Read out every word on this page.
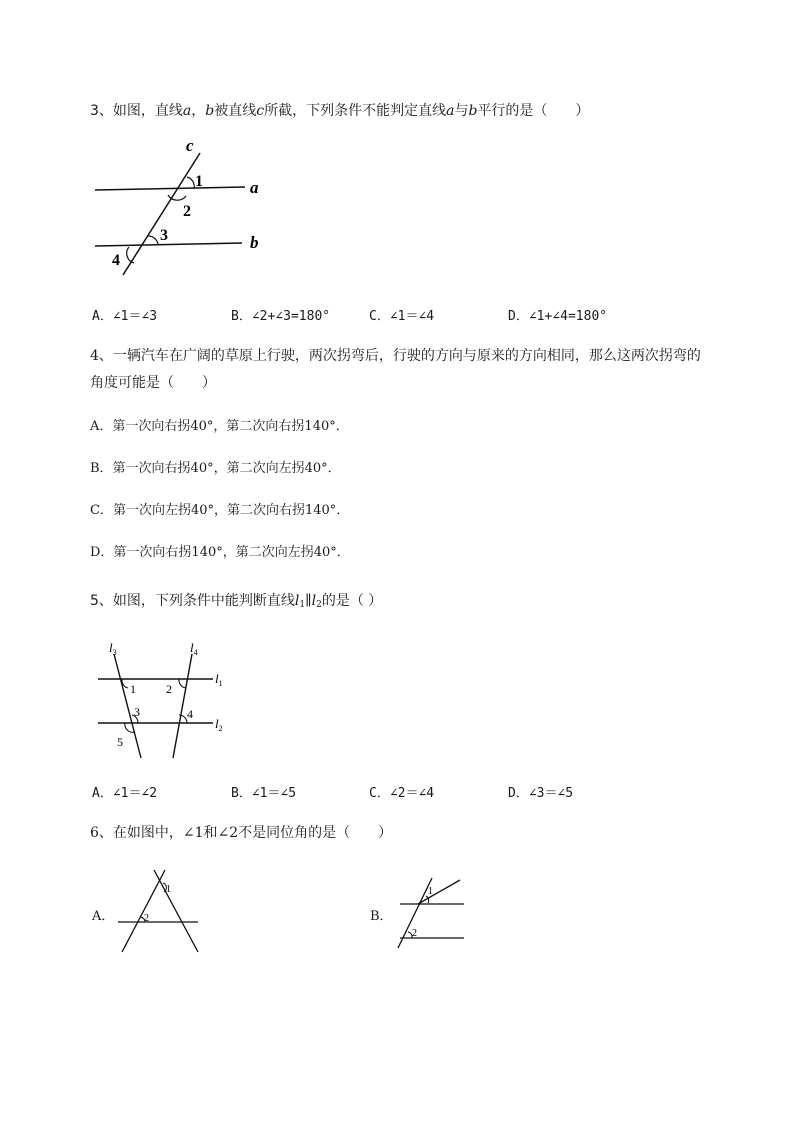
3、如图，直线a，b被直线c所截，下列条件不能判定直线a与b平行的是（　　）
c
a
b
1
2
3
4
A．∠1＝∠3	B．∠2+∠3=180°	C．∠1＝∠4	D．∠1+∠4=180°
4、一辆汽车在广阔的草原上行驶，两次拐弯后，行驶的方向与原来的方向相同，那么这两次拐弯的
角度可能是（　　）
A．第一次向右拐40°，第二次向右拐140°．
B．第一次向右拐40°，第二次向左拐40°．
C．第一次向左拐40°，第二次向右拐140°．
D．第一次向右拐140°，第二次向左拐40°．
5、如图，下列条件中能判断直线$l_1\parallel l_2$的是（ ）
$l_3$	$l_4$
$l_1$
$l_2$
1	2
3	4
5
A．∠1＝∠2	B．∠1＝∠5	C．∠2＝∠4	D．∠3＝∠5
6、在如图中，∠1和∠2不是同位角的是（　　）
A．
1
2	B．
1
2
